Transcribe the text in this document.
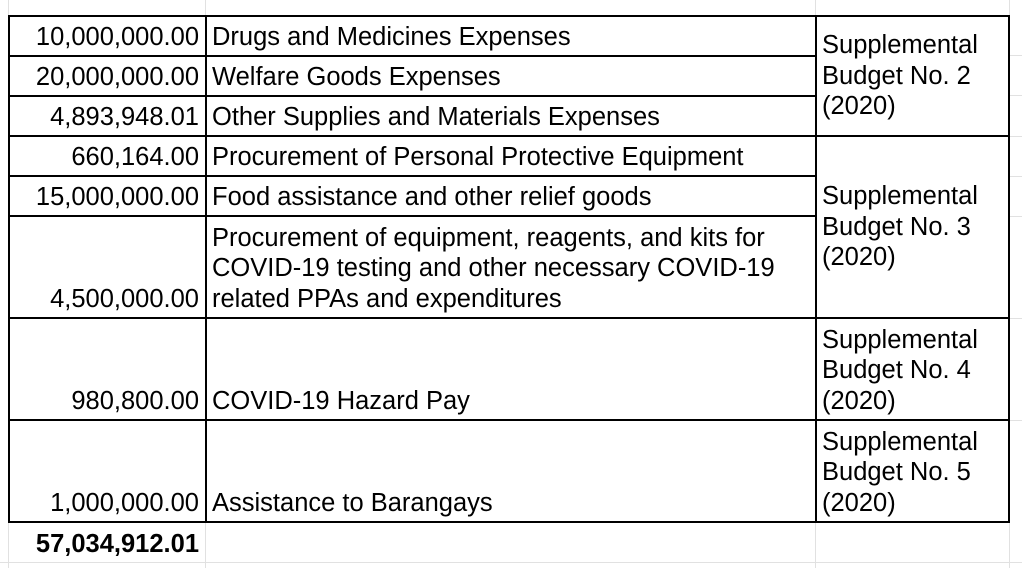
10,000,000.00 Drugs and Medicines Expenses	Supplemental Budget No. 2 (2020)
20,000,000.00 Welfare Goods Expenses
4,893,948.01 Other Supplies and Materials Expenses
660,164.00 Procurement of Personal Protective Equipment
Supplemental Budget No. 3 (2020)
15,000,000.00 Food assistance and other relief goods
4,500,000.00
Procurement of equipment, reagents, and kits for COVID-19 testing and other necessary COVID-19 related PPAs and expenditures
980,800.00 COVID-19 Hazard Pay
Supplemental Budget No. 4 (2020)
1,000,000.00 Assistance to Barangays
Supplemental Budget No. 5 (2020)
57,034,912.01
